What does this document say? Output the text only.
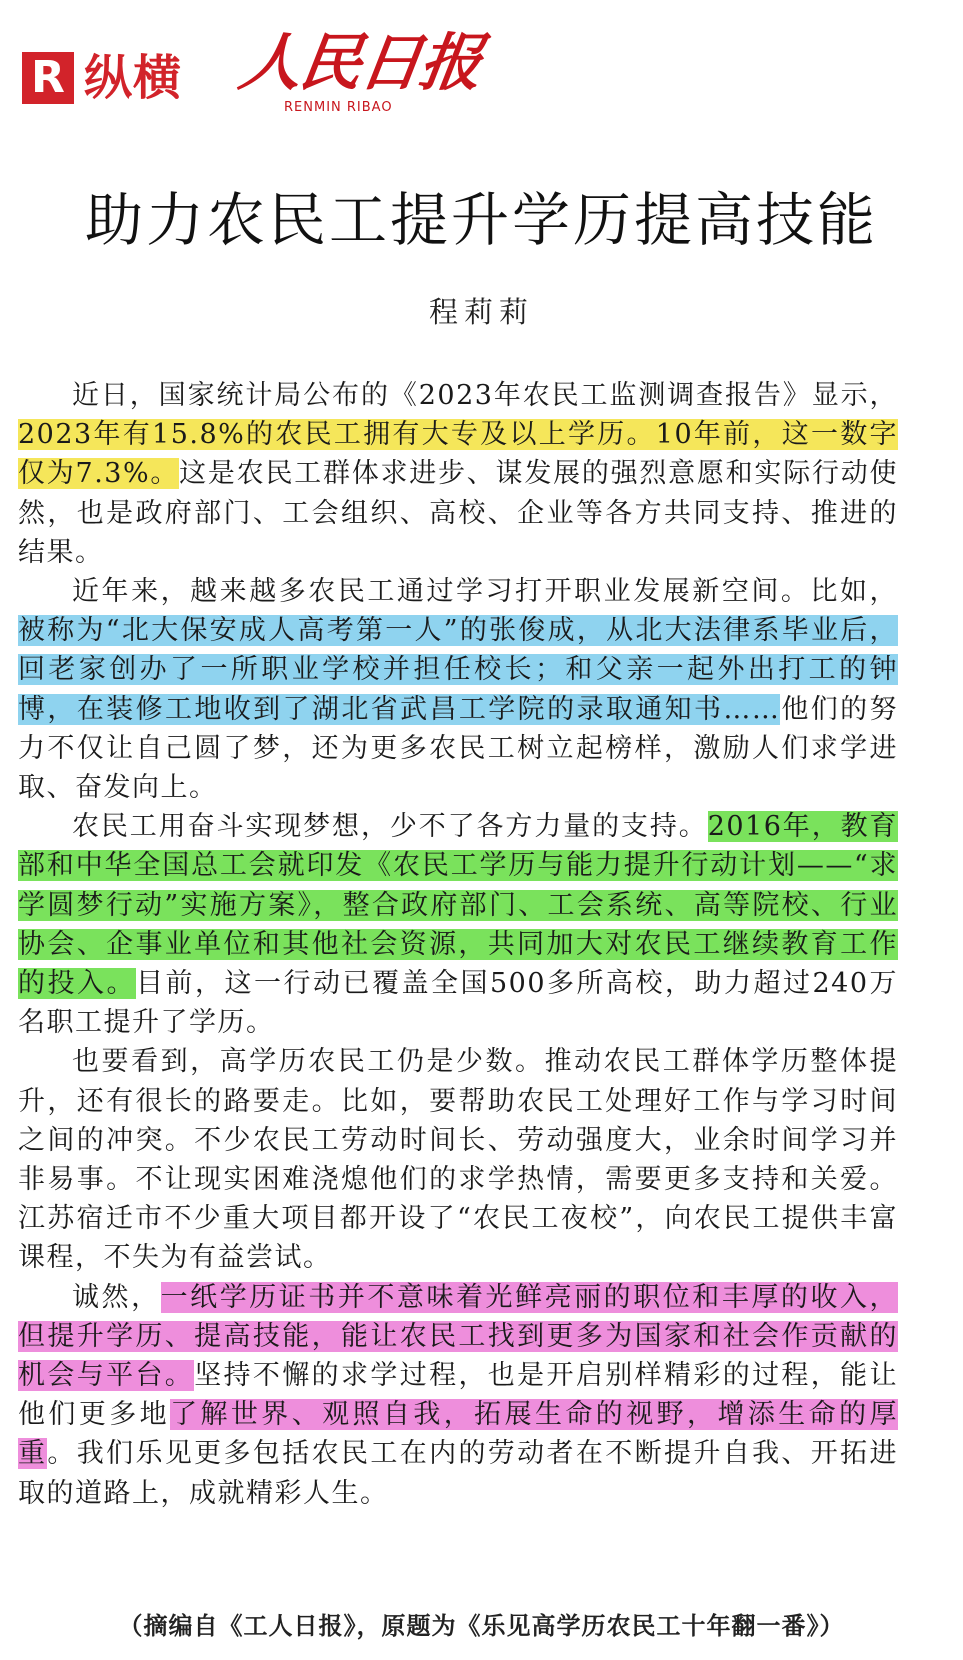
R 纵横 人民日报
RENMIN RIBAO
助力农民工提升学历提高技能
程莉莉

近日，国家统计局公布的《2023年农民工监测调查报告》显示，2023年有15.8%的农民工拥有大专及以上学历。10年前，这一数字仅为7.3%。这是农民工群体求进步、谋发展的强烈意愿和实际行动使然，也是政府部门、工会组织、高校、企业等各方共同支持、推进的结果。

近年来，越来越多农民工通过学习打开职业发展新空间。比如，被称为“北大保安成人高考第一人”的张俊成，从北大法律系毕业后，回老家创办了一所职业学校并担任校长；和父亲一起外出打工的钟博，在装修工地收到了湖北省武昌工学院的录取通知书……他们的努力不仅让自己圆了梦，还为更多农民工树立起榜样，激励人们求学进取、奋发向上。

农民工用奋斗实现梦想，少不了各方力量的支持。2016年，教育部和中华全国总工会就印发《农民工学历与能力提升行动计划——“求学圆梦行动”实施方案》，整合政府部门、工会系统、高等院校、行业协会、企事业单位和其他社会资源，共同加大对农民工继续教育工作的投入。目前，这一行动已覆盖全国500多所高校，助力超过240万名职工提升了学历。

也要看到，高学历农民工仍是少数。推动农民工群体学历整体提升，还有很长的路要走。比如，要帮助农民工处理好工作与学习时间之间的冲突。不少农民工劳动时间长、劳动强度大，业余时间学习并非易事。不让现实困难浇熄他们的求学热情，需要更多支持和关爱。江苏宿迁市不少重大项目都开设了“农民工夜校”，向农民工提供丰富课程，不失为有益尝试。

诚然，一纸学历证书并不意味着光鲜亮丽的职位和丰厚的收入，但提升学历、提高技能，能让农民工找到更多为国家和社会作贡献的机会与平台。坚持不懈的求学过程，也是开启别样精彩的过程，能让他们更多地了解世界、观照自我，拓展生命的视野，增添生命的厚重。我们乐见更多包括农民工在内的劳动者在不断提升自我、开拓进取的道路上，成就精彩人生。

（摘编自《工人日报》，原题为《乐见高学历农民工十年翻一番》）
